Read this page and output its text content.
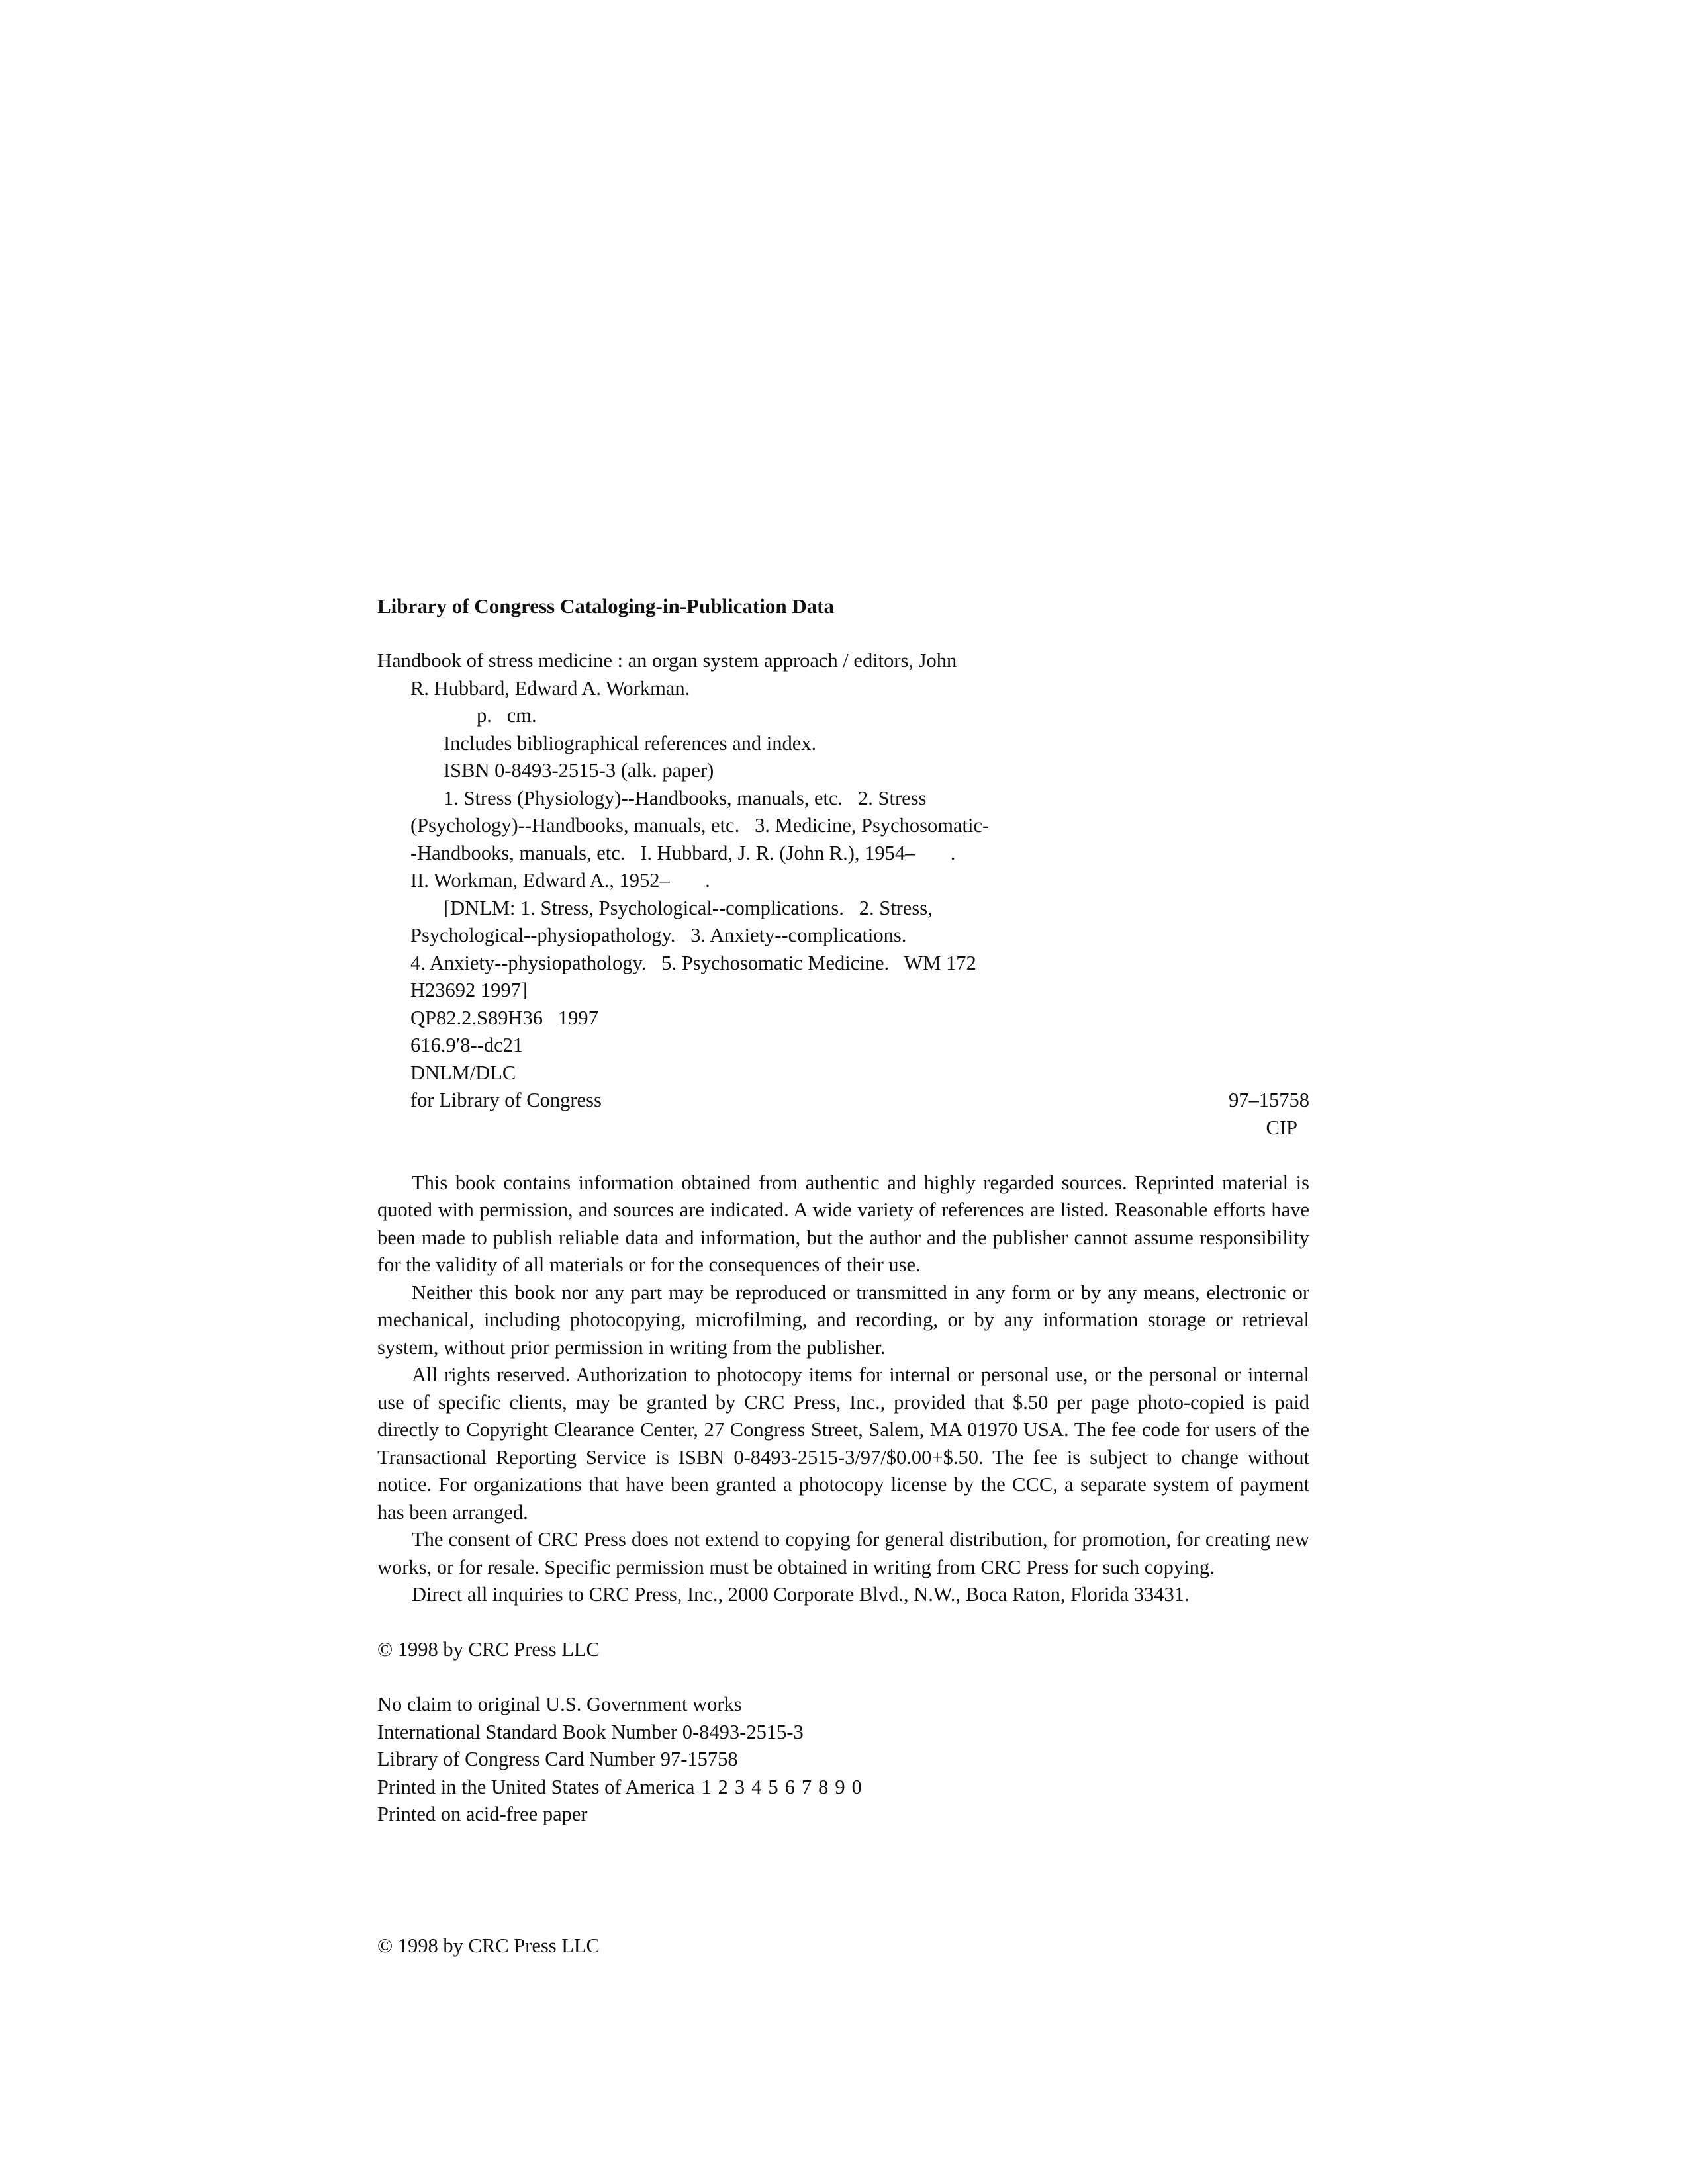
Library of Congress Cataloging-in-Publication Data

Handbook of stress medicine : an organ system approach / editors, John

R. Hubbard, Edward A. Workman.

p.   cm.

Includes bibliographical references and index.

ISBN 0-8493-2515-3 (alk. paper)

1. Stress (Physiology)--Handbooks, manuals, etc.   2. Stress

(Psychology)--Handbooks, manuals, etc.   3. Medicine, Psychosomatic-

-Handbooks, manuals, etc.   I. Hubbard, J. R. (John R.), 1954–       .

II. Workman, Edward A., 1952–       .

[DNLM: 1. Stress, Psychological--complications.   2. Stress,

Psychological--physiopathology.   3. Anxiety--complications.

4. Anxiety--physiopathology.   5. Psychosomatic Medicine.   WM 172

H23692 1997]

QP82.2.S89H36   1997

616.9′8--dc21

DNLM/DLC

for Library of Congress	97–15758

CIP

This book contains information obtained from authentic and highly regarded sources. Reprinted material is quoted with permission, and sources are indicated. A wide variety of references are listed. Reasonable efforts have been made to publish reliable data and information, but the author and the publisher cannot assume responsibility for the validity of all materials or for the consequences of their use.

Neither this book nor any part may be reproduced or transmitted in any form or by any means, electronic or mechanical, including photocopying, microfilming, and recording, or by any information storage or retrieval system, without prior permission in writing from the publisher.

All rights reserved. Authorization to photocopy items for internal or personal use, or the personal or internal use of specific clients, may be granted by CRC Press, Inc., provided that $.50 per page photo-copied is paid directly to Copyright Clearance Center, 27 Congress Street, Salem, MA 01970 USA. The fee code for users of the Transactional Reporting Service is ISBN 0-8493-2515-3/97/$0.00+$.50. The fee is subject to change without notice. For organizations that have been granted a photocopy license by the CCC, a separate system of payment has been arranged.

The consent of CRC Press does not extend to copying for general distribution, for promotion, for creating new works, or for resale. Specific permission must be obtained in writing from CRC Press for such copying.

Direct all inquiries to CRC Press, Inc., 2000 Corporate Blvd., N.W., Boca Raton, Florida 33431.

© 1998 by CRC Press LLC

No claim to original U.S. Government works

International Standard Book Number 0-8493-2515-3

Library of Congress Card Number 97-15758

Printed in the United States of America 1 2 3 4 5 6 7 8 9 0

Printed on acid-free paper

© 1998 by CRC Press LLC
